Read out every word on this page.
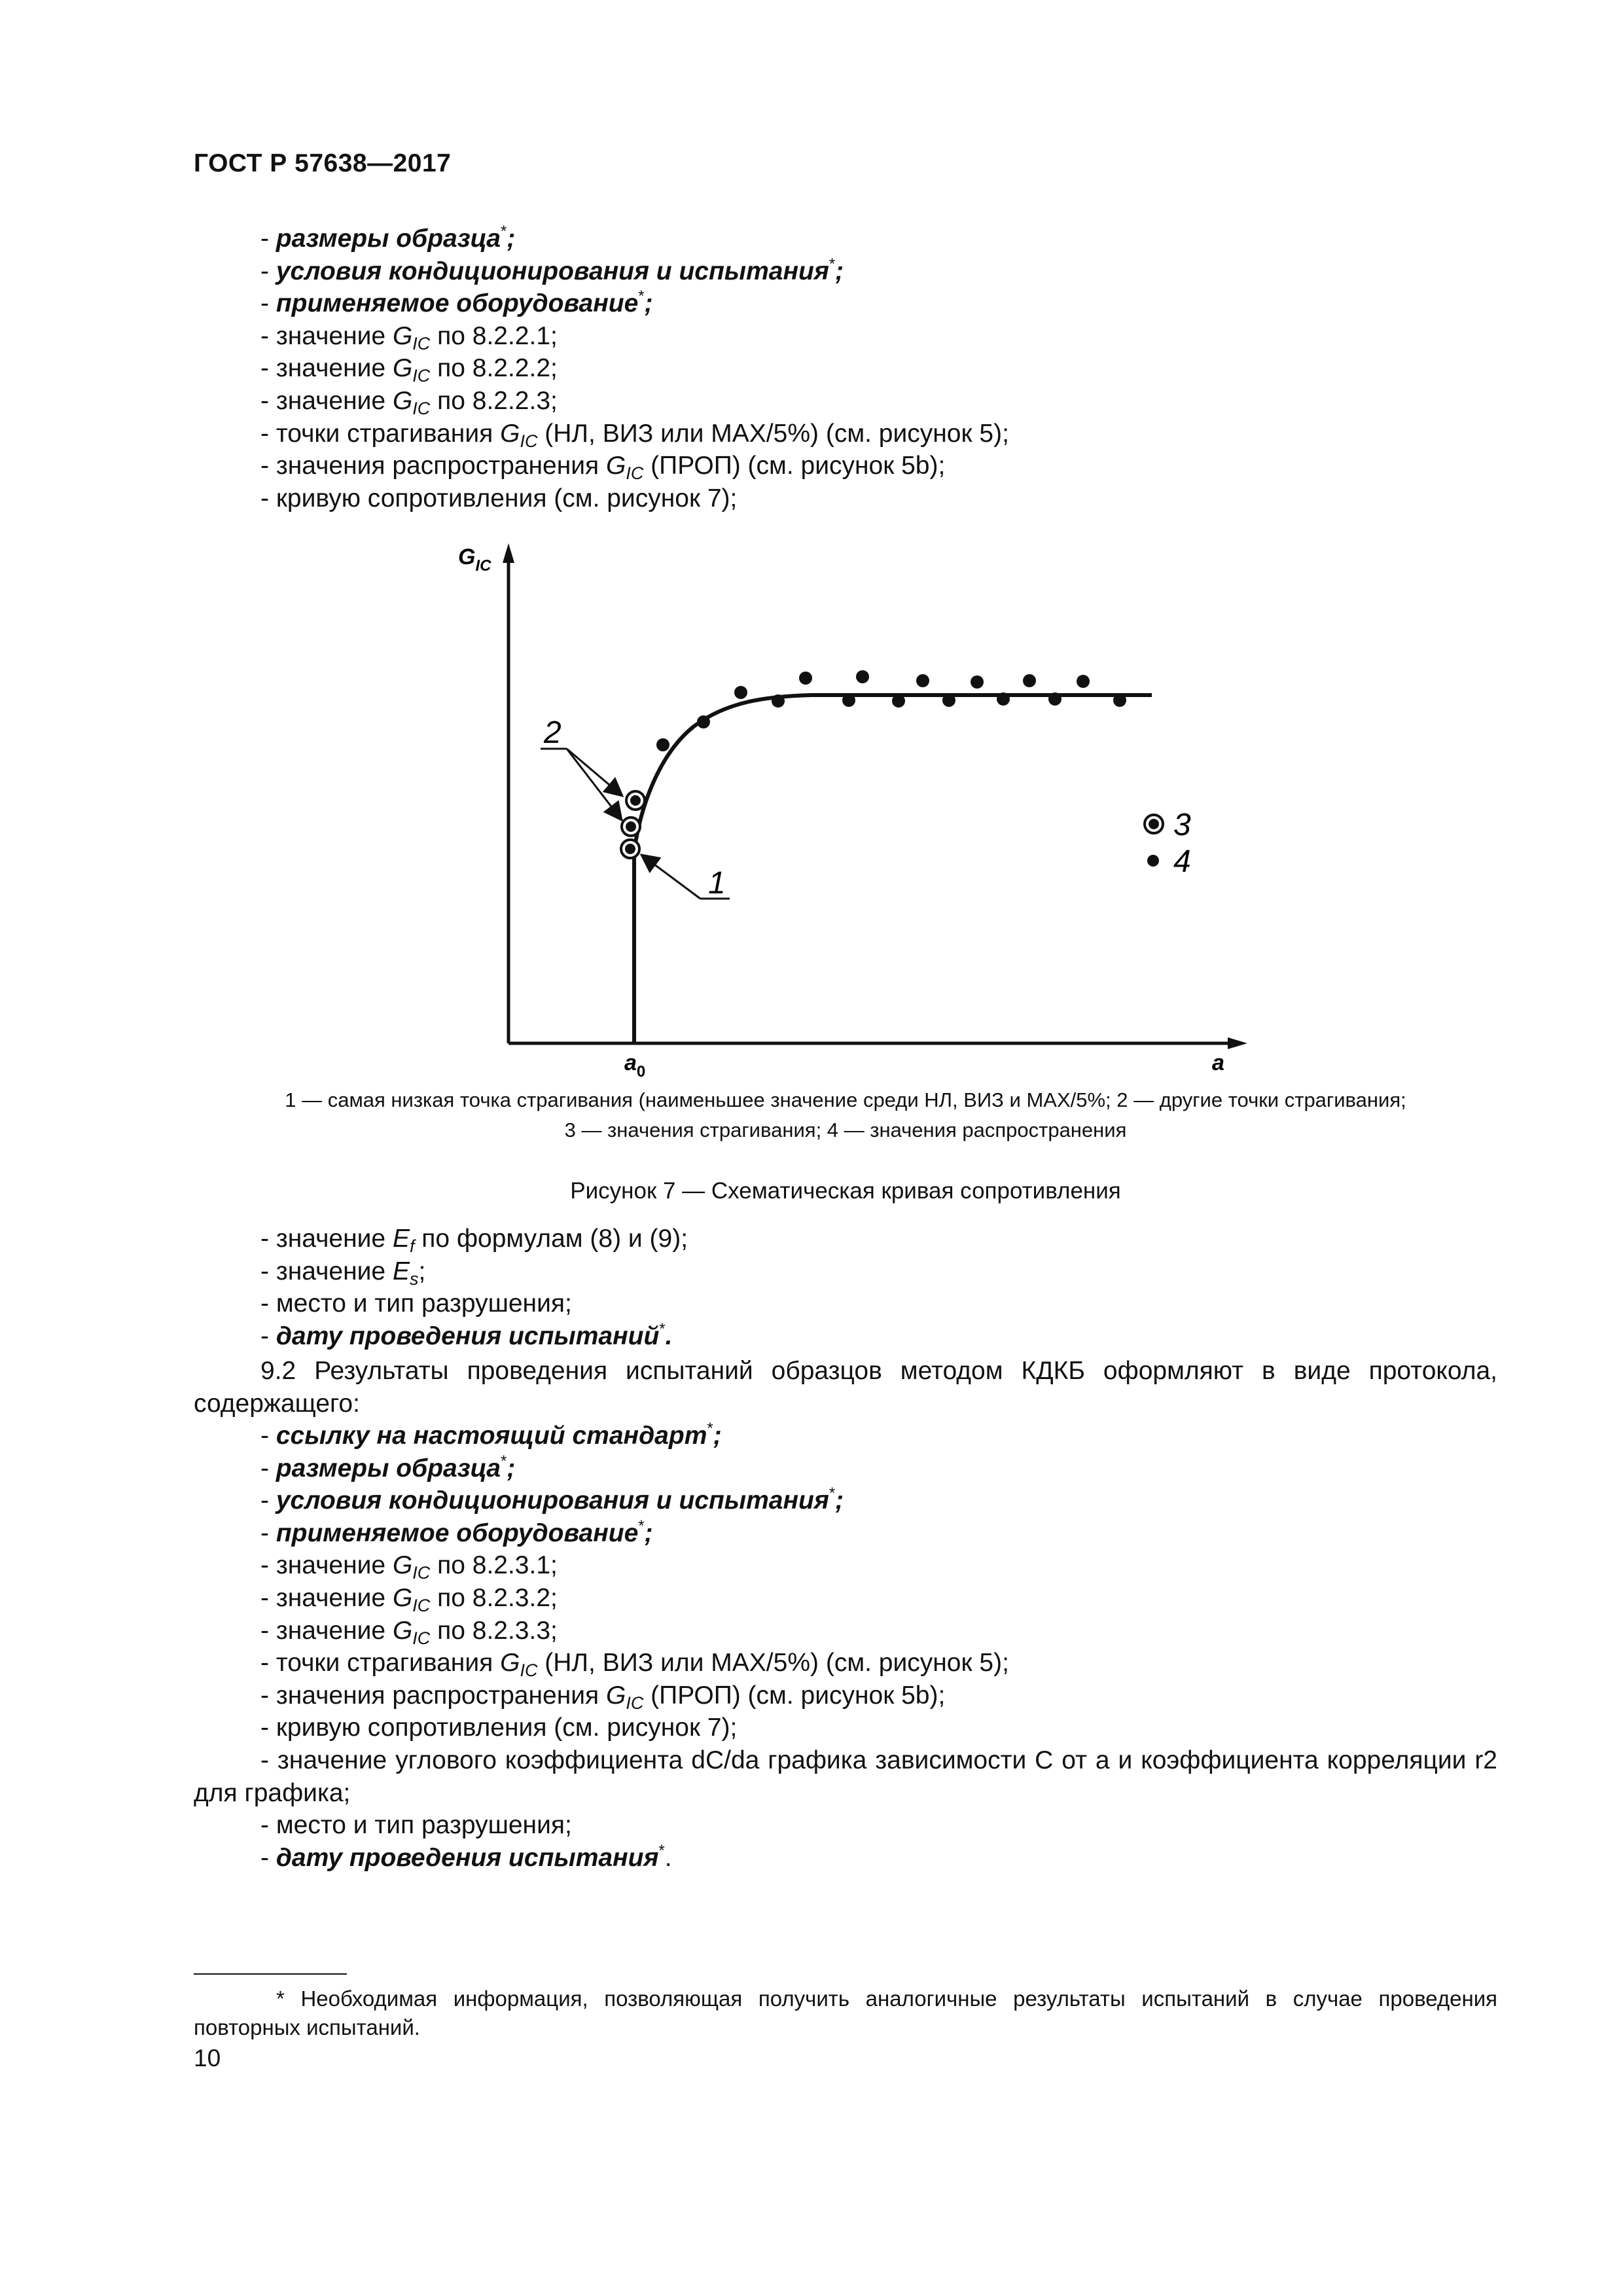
ГОСТ Р 57638—2017
- размеры образца*;
- условия кондиционирования и испытания*;
- применяемое оборудование*;
- значение $G_{IC}$ по 8.2.2.1;
- значение $G_{IC}$ по 8.2.2.2;
- значение $G_{IC}$ по 8.2.2.3;
- точки страгивания $G_{IC}$ (НЛ, ВИЗ или МАХ/5%) (см. рисунок 5);
- значения распространения $G_{IC}$ (ПРОП) (см. рисунок 5b);
- кривую сопротивления (см. рисунок 7);
2
1
3
4
$G_{IC}$
a
$a_0$
1 — самая низкая точка страгивания (наименьшее значение среди НЛ, ВИЗ и МАХ/5%; 2 — другие точки страгивания;
3 — значения страгивания; 4 — значения распространения
Рисунок 7 — Схематическая кривая сопротивления
- значение $E_f$ по формулам (8) и (9);
- значение $E_s$;
- место и тип разрушения;
- дату проведения испытаний*.

9.2 Результаты проведения испытаний образцов методом КДКБ оформляют в виде протокола, содержащего:

- ссылку на настоящий стандарт*;
- размеры образца*;
- условия кондиционирования и испытания*;
- применяемое оборудование*;
- значение $G_{IC}$ по 8.2.3.1;
- значение $G_{IC}$ по 8.2.3.2;
- значение $G_{IC}$ по 8.2.3.3;
- точки страгивания $G_{IC}$ (НЛ, ВИЗ или МАХ/5%) (см. рисунок 5);
- значения распространения $G_{IC}$ (ПРОП) (см. рисунок 5b);
- кривую сопротивления (см. рисунок 7);

- значение углового коэффициента dC/da графика зависимости C от a и коэффициента корреляции r2 для графика;

- место и тип разрушения;
- дату проведения испытания*.

* Необходимая информация, позволяющая получить аналогичные результаты испытаний в случае проведения повторных испытаний.

10
